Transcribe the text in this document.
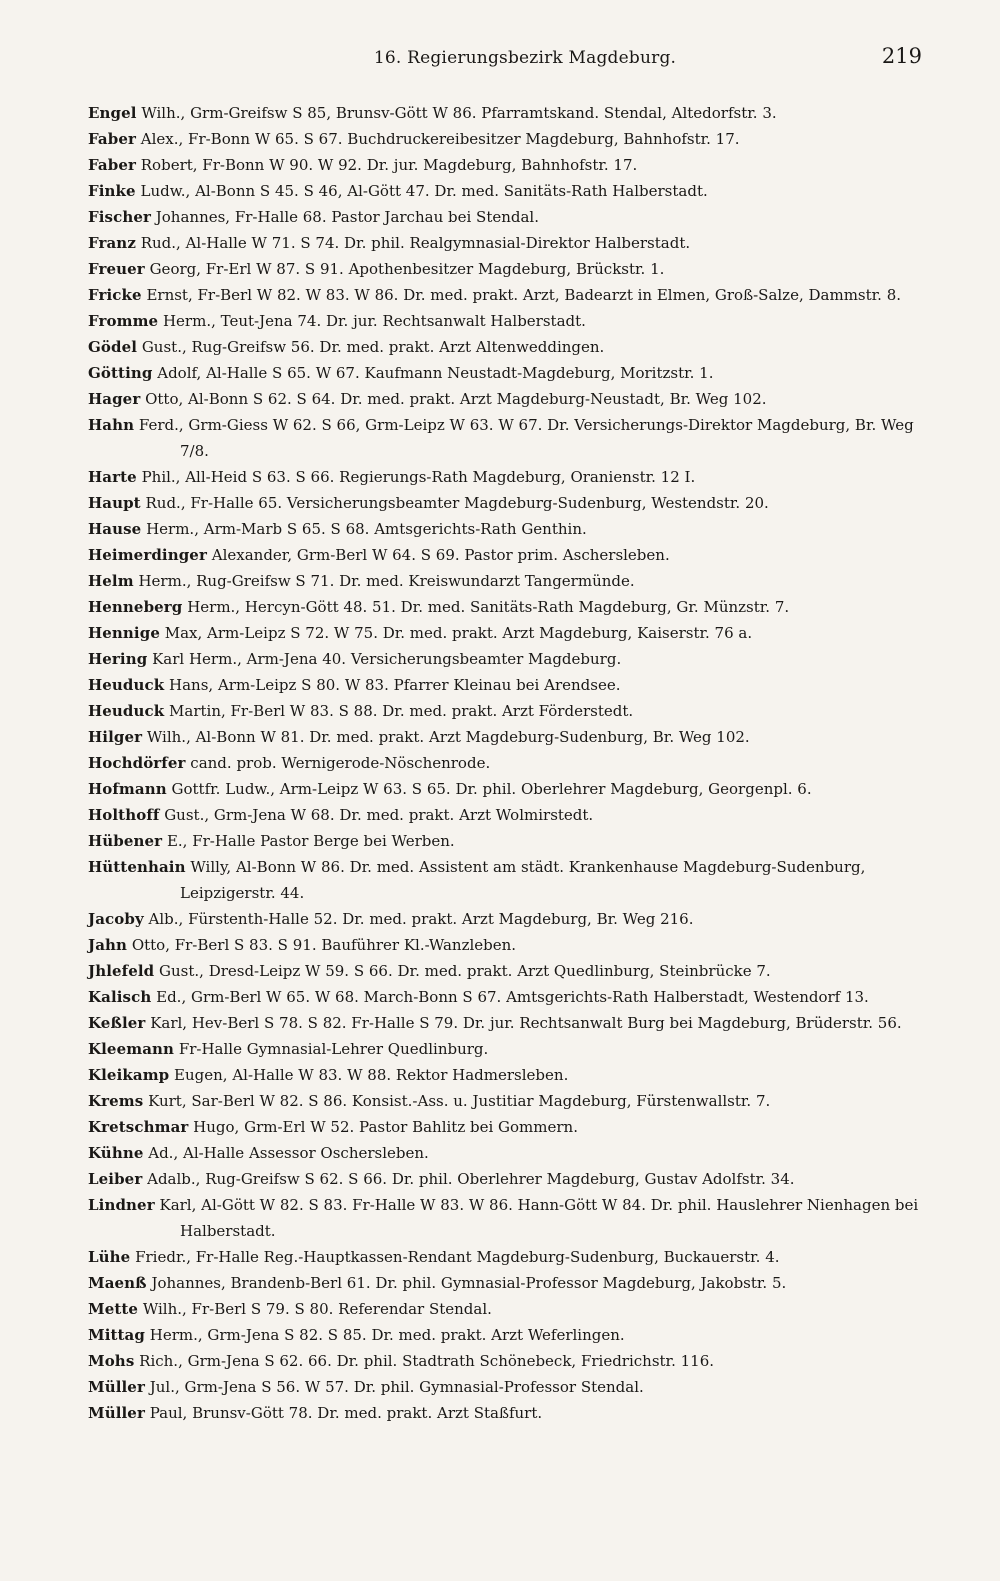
16. Regierungsbezirk Magdeburg.	219
Engel Wilh., Grm-Greifsw S 85, Brunsv-Gött W 86. Pfarramtskand. Stendal, Altedorfstr. 3.
Faber Alex., Fr-Bonn W 65. S 67. Buchdruckereibesitzer Magdeburg, Bahnhofstr. 17.
Faber Robert, Fr-Bonn W 90. W 92. Dr. jur. Magdeburg, Bahnhofstr. 17.
Finke Ludw., Al-Bonn S 45. S 46, Al-Gött 47. Dr. med. Sanitäts-Rath Halberstadt.
Fischer Johannes, Fr-Halle 68. Pastor Jarchau bei Stendal.
Franz Rud., Al-Halle W 71. S 74. Dr. phil. Realgymnasial-Direktor Halberstadt.
Freuer Georg, Fr-Erl W 87. S 91. Apothenbesitzer Magdeburg, Brückstr. 1.
Fricke Ernst, Fr-Berl W 82. W 83. W 86. Dr. med. prakt. Arzt, Badearzt in Elmen, Groß-Salze, Dammstr. 8.
Fromme Herm., Teut-Jena 74. Dr. jur. Rechtsanwalt Halberstadt.
Gödel Gust., Rug-Greifsw 56. Dr. med. prakt. Arzt Altenweddingen.
Götting Adolf, Al-Halle S 65. W 67. Kaufmann Neustadt-Magdeburg, Moritzstr. 1.
Hager Otto, Al-Bonn S 62. S 64. Dr. med. prakt. Arzt Magdeburg-Neustadt, Br. Weg 102.
Hahn Ferd., Grm-Giess W 62. S 66, Grm-Leipz W 63. W 67. Dr. Versicherungs-Direktor Magdeburg, Br. Weg 7/8.
Harte Phil., All-Heid S 63. S 66. Regierungs-Rath Magdeburg, Oranienstr. 12 I.
Haupt Rud., Fr-Halle 65. Versicherungsbeamter Magdeburg-Sudenburg, Westendstr. 20.
Hause Herm., Arm-Marb S 65. S 68. Amtsgerichts-Rath Genthin.
Heimerdinger Alexander, Grm-Berl W 64. S 69. Pastor prim. Aschersleben.
Helm Herm., Rug-Greifsw S 71. Dr. med. Kreiswundarzt Tangermünde.
Henneberg Herm., Hercyn-Gött 48. 51. Dr. med. Sanitäts-Rath Magdeburg, Gr. Münzstr. 7.
Hennige Max, Arm-Leipz S 72. W 75. Dr. med. prakt. Arzt Magdeburg, Kaiserstr. 76 a.
Hering Karl Herm., Arm-Jena 40. Versicherungsbeamter Magdeburg.
Heuduck Hans, Arm-Leipz S 80. W 83. Pfarrer Kleinau bei Arendsee.
Heuduck Martin, Fr-Berl W 83. S 88. Dr. med. prakt. Arzt Förderstedt.
Hilger Wilh., Al-Bonn W 81. Dr. med. prakt. Arzt Magdeburg-Sudenburg, Br. Weg 102.
Hochdörfer cand. prob. Wernigerode-Nöschenrode.
Hofmann Gottfr. Ludw., Arm-Leipz W 63. S 65. Dr. phil. Oberlehrer Magdeburg, Georgenpl. 6.
Holthoff Gust., Grm-Jena W 68. Dr. med. prakt. Arzt Wolmirstedt.
Hübener E., Fr-Halle Pastor Berge bei Werben.
Hüttenhain Willy, Al-Bonn W 86. Dr. med. Assistent am städt. Krankenhause Magdeburg-Sudenburg, Leipzigerstr. 44.
Jacoby Alb., Fürstenth-Halle 52. Dr. med. prakt. Arzt Magdeburg, Br. Weg 216.
Jahn Otto, Fr-Berl S 83. S 91. Bauführer Kl.-Wanzleben.
Jhlefeld Gust., Dresd-Leipz W 59. S 66. Dr. med. prakt. Arzt Quedlinburg, Steinbrücke 7.
Kalisch Ed., Grm-Berl W 65. W 68. March-Bonn S 67. Amtsgerichts-Rath Halberstadt, Westendorf 13.
Keßler Karl, Hev-Berl S 78. S 82. Fr-Halle S 79. Dr. jur. Rechtsanwalt Burg bei Magdeburg, Brüderstr. 56.
Kleemann Fr-Halle Gymnasial-Lehrer Quedlinburg.
Kleikamp Eugen, Al-Halle W 83. W 88. Rektor Hadmersleben.
Krems Kurt, Sar-Berl W 82. S 86. Konsist.-Ass. u. Justitiar Magdeburg, Fürstenwallstr. 7.
Kretschmar Hugo, Grm-Erl W 52. Pastor Bahlitz bei Gommern.
Kühne Ad., Al-Halle Assessor Oschersleben.
Leiber Adalb., Rug-Greifsw S 62. S 66. Dr. phil. Oberlehrer Magdeburg, Gustav Adolfstr. 34.
Lindner Karl, Al-Gött W 82. S 83. Fr-Halle W 83. W 86. Hann-Gött W 84. Dr. phil. Hauslehrer Nienhagen bei Halberstadt.
Lühe Friedr., Fr-Halle Reg.-Hauptkassen-Rendant Magdeburg-Sudenburg, Buckauerstr. 4.
Maenß Johannes, Brandenb-Berl 61. Dr. phil. Gymnasial-Professor Magdeburg, Jakobstr. 5.
Mette Wilh., Fr-Berl S 79. S 80. Referendar Stendal.
Mittag Herm., Grm-Jena S 82. S 85. Dr. med. prakt. Arzt Weferlingen.
Mohs Rich., Grm-Jena S 62. 66. Dr. phil. Stadtrath Schönebeck, Friedrichstr. 116.
Müller Jul., Grm-Jena S 56. W 57. Dr. phil. Gymnasial-Professor Stendal.
Müller Paul, Brunsv-Gött 78. Dr. med. prakt. Arzt Staßfurt.
